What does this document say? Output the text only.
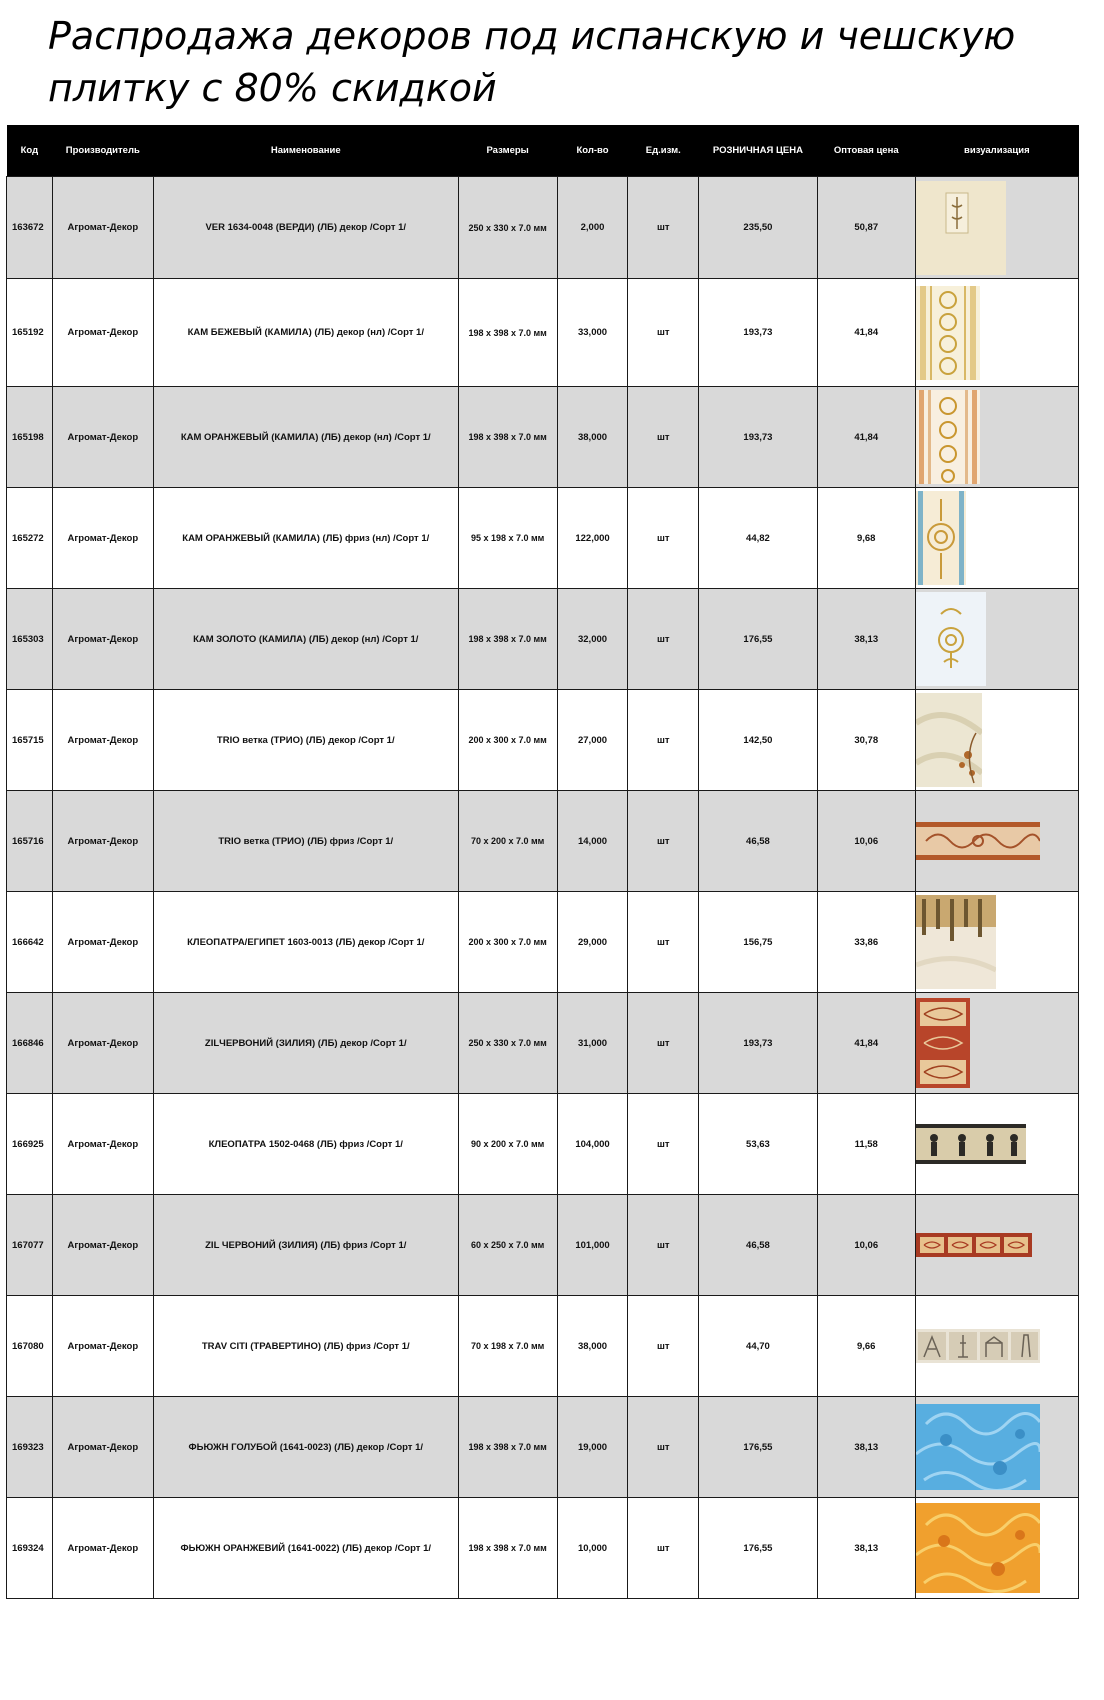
Распродажа декоров под испанскую и чешскую плитку с 80% скидкой
Код	Производитель	Наименование	Размеры	Кол-во	Ед.изм.	РОЗНИЧНАЯ ЦЕНА	Оптовая цена	визуализация
163672	Агромат-Декор	VER 1634-0048 (ВЕРДИ) (ЛБ) декор /Сорт 1/	250 x 330 x 7.0 мм	2,000	шт	235,50	50,87	

165192	Агромат-Декор	КАМ БЕЖЕВЫЙ (КАМИЛА) (ЛБ) декор (нл) /Сорт 1/	198 x 398 x 7.0 мм	33,000	шт	193,73	41,84	

165198	Агромат-Декор	КАМ ОРАНЖЕВЫЙ (КАМИЛА) (ЛБ) декор (нл) /Сорт 1/	198 x 398 x 7.0 мм	38,000	шт	193,73	41,84	

165272	Агромат-Декор	КАМ ОРАНЖЕВЫЙ (КАМИЛА) (ЛБ) фриз (нл) /Сорт 1/	95 x 198 x 7.0 мм	122,000	шт	44,82	9,68	

165303	Агромат-Декор	КАМ ЗОЛОТО (КАМИЛА) (ЛБ) декор (нл) /Сорт 1/	198 x 398 x 7.0 мм	32,000	шт	176,55	38,13	

165715	Агромат-Декор	TRIO ветка (ТРИО) (ЛБ) декор /Сорт 1/	200 x 300 x 7.0 мм	27,000	шт	142,50	30,78	

165716	Агромат-Декор	TRIO ветка (ТРИО) (ЛБ) фриз /Сорт 1/	70 x 200 x 7.0 мм	14,000	шт	46,58	10,06	

166642	Агромат-Декор	КЛЕОПАТРА/ЕГИПЕТ 1603-0013 (ЛБ) декор /Сорт 1/	200 x 300 x 7.0 мм	29,000	шт	156,75	33,86	

166846	Агромат-Декор	ZILЧЕРВОНИЙ (ЗИЛИЯ) (ЛБ) декор /Сорт 1/	250 x 330 x 7.0 мм	31,000	шт	193,73	41,84	

166925	Агромат-Декор	КЛЕОПАТРА 1502-0468 (ЛБ) фриз /Сорт 1/	90 x 200 x 7.0 мм	104,000	шт	53,63	11,58	

167077	Агромат-Декор	ZIL ЧЕРВОНИЙ (ЗИЛИЯ) (ЛБ) фриз /Сорт 1/	60 x 250 x 7.0 мм	101,000	шт	46,58	10,06	

167080	Агромат-Декор	TRAV CITI (ТРАВЕРТИНО) (ЛБ) фриз /Сорт 1/	70 x 198 x 7.0 мм	38,000	шт	44,70	9,66	

169323	Агромат-Декор	ФЬЮЖН ГОЛУБОЙ (1641-0023) (ЛБ) декор /Сорт 1/	198 x 398 x 7.0 мм	19,000	шт	176,55	38,13	

169324	Агромат-Декор	ФЬЮЖН ОРАНЖЕВИЙ (1641-0022) (ЛБ) декор /Сорт 1/	198 x 398 x 7.0 мм	10,000	шт	176,55	38,13	
